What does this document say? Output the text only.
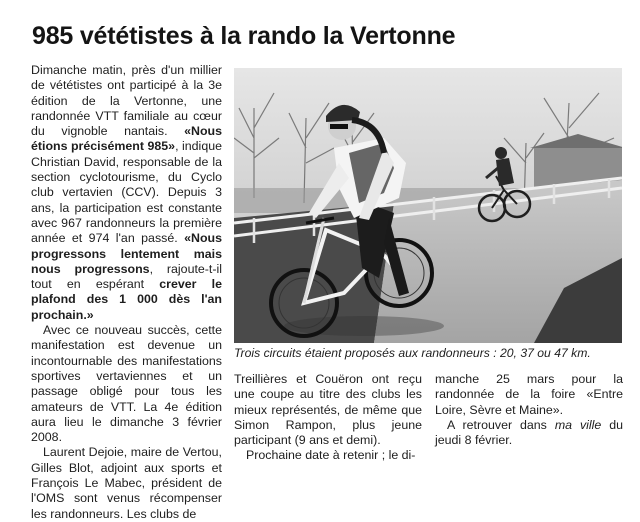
985 vététistes à la rando la Vertonne

Dimanche matin, près d'un millier de vététistes ont participé à la 3e édition de la Vertonne, une randonnée VTT familiale au cœur du vignoble nantais. «Nous étions précisément 985», indique Christian David, responsable de la section cyclotourisme, du Cyclo club vertavien (CCV). Depuis 3 ans, la participation est constante avec 967 randonneurs la première année et 974 l'an passé. «Nous progressons lentement mais nous progressons, rajoute-t-il tout en espérant crever le plafond des 1 000 dès l'an prochain.»

Avec ce nouveau succès, cette manifestation est devenue un incontournable des manifestations sportives vertaviennes et un passage obligé pour tous les amateurs de VTT. La 4e édition aura lieu le dimanche 3 février 2008.

Laurent Dejoie, maire de Vertou, Gilles Blot, adjoint aux sports et François Le Mabec, président de l'OMS sont venus récompenser les randonneurs. Les clubs de

Trois circuits étaient proposés aux randonneurs : 20, 37 ou 47 km.

Treillières et Couëron ont reçu une coupe au titre des clubs les mieux représentés, de même que Simon Rampon, plus jeune participant (9 ans et demi).

Prochaine date à retenir ; le di-

manche 25 mars pour la randonnée de la foire «Entre Loire, Sèvre et Maine».

A retrouver dans ma ville du jeudi 8 février.
